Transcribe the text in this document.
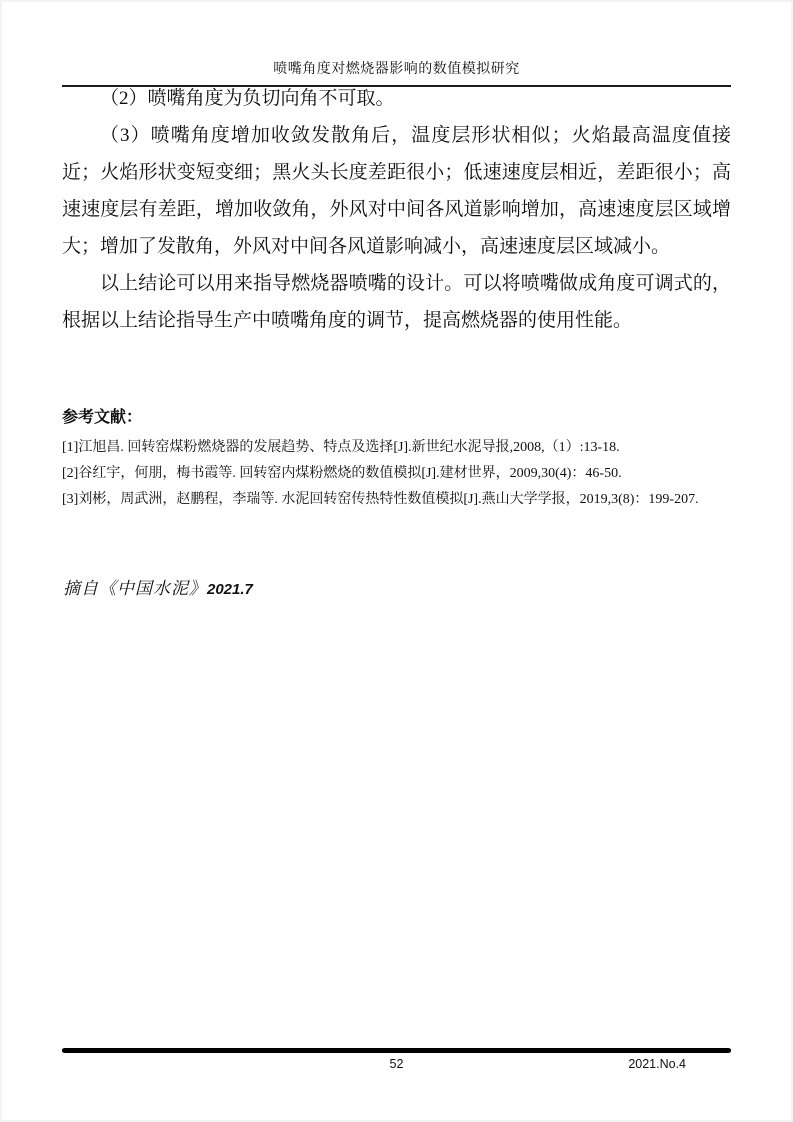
喷嘴角度对燃烧器影响的数值模拟研究

（2）喷嘴角度为负切向角不可取。

（3）喷嘴角度增加收敛发散角后，温度层形状相似；火焰最高温度值接近；火焰形状变短变细；黑火头长度差距很小；低速速度层相近，差距很小；高速速度层有差距，增加收敛角，外风对中间各风道影响增加，高速速度层区域增大；增加了发散角，外风对中间各风道影响减小，高速速度层区域减小。

以上结论可以用来指导燃烧器喷嘴的设计。可以将喷嘴做成角度可调式的，根据以上结论指导生产中喷嘴角度的调节，提高燃烧器的使用性能。

参考文献：
[1]江旭昌. 回转窑煤粉燃烧器的发展趋势、特点及选择[J].新世纪水泥导报,2008,（1）:13-18.
[2]谷红宇，何朋，梅书霞等. 回转窑内煤粉燃烧的数值模拟[J].建材世界，2009,30(4)：46-50.
[3]刘彬，周武洲，赵鹏程，李瑞等. 水泥回转窑传热特性数值模拟[J].燕山大学学报，2019,3(8)：199-207.
摘自《中国水泥》2021.7
52	2021.No.4
